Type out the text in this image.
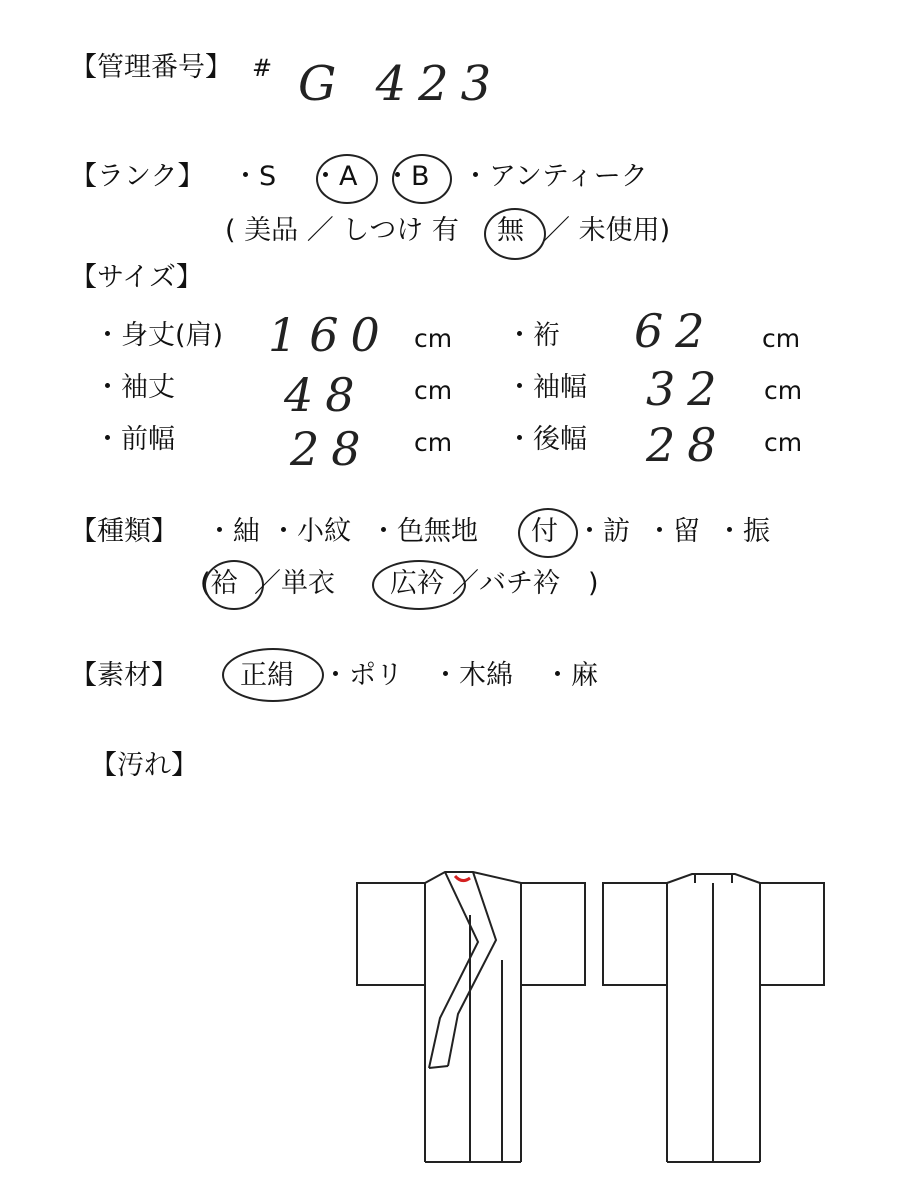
【管理番号】 # G 423
【ランク】 ・S ・A ・B ・アンティーク
( 美品 ／ しつけ 有 無 ／ 未使用)
【サイズ】
・身丈(肩) 160 cm ・裄 62 cm
・袖丈 48 cm ・袖幅 32 cm
・前幅	28 cm ・後幅 28 cm
【種類】 ・紬 ・小紋 ・色無地 付 ・訪 ・留 ・振
(袷 ／単衣 広衿 ／バチ衿 )
【素材】 正絹 ・ポリ ・木綿 ・麻
【汚れ】
